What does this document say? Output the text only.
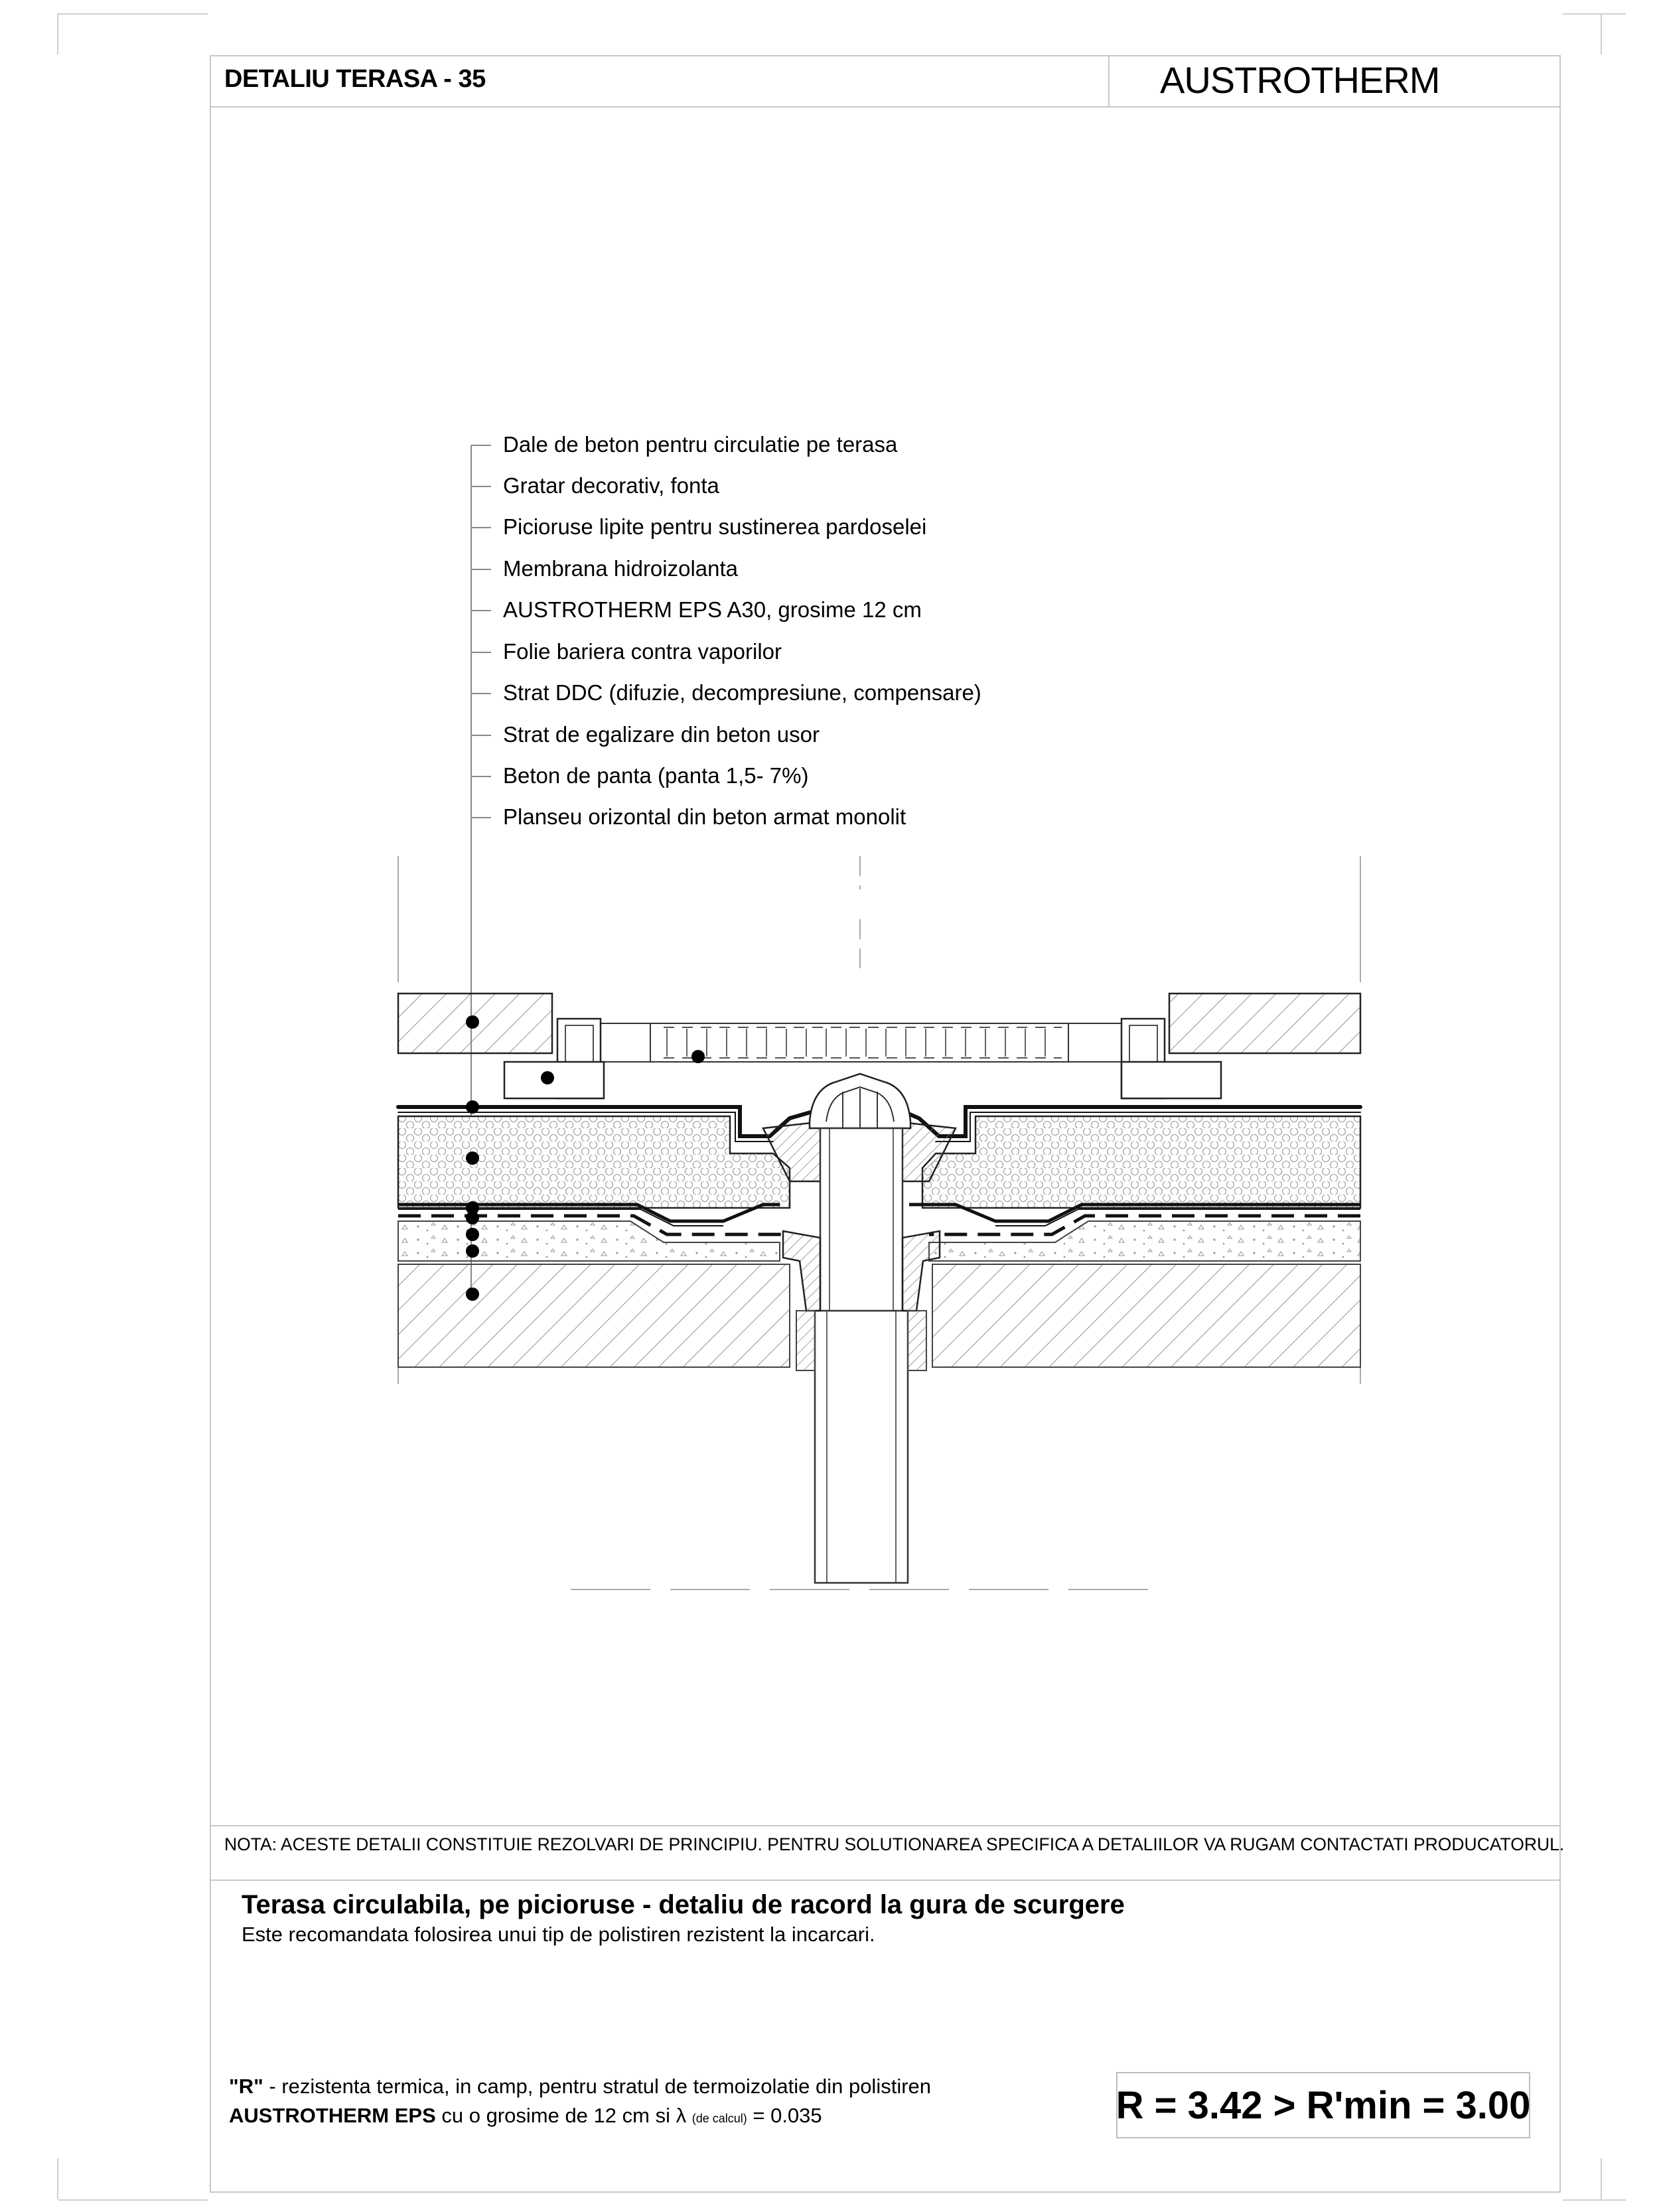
DETALIU TERASA - 35	AUSTROTHERM
Dale de beton pentru circulatie pe terasa
Gratar decorativ, fonta
Picioruse lipite pentru sustinerea pardoselei
Membrana hidroizolanta
AUSTROTHERM EPS A30, grosime 12 cm
Folie bariera contra vaporilor
Strat DDC (difuzie, decompresiune, compensare)
Strat de egalizare din beton usor
Beton de panta (panta 1,5- 7%)
Planseu orizontal din beton armat monolit
NOTA: ACESTE DETALII CONSTITUIE REZOLVARI DE PRINCIPIU. PENTRU SOLUTIONAREA SPECIFICA A DETALIILOR VA RUGAM CONTACTATI PRODUCATORUL.
Terasa circulabila, pe picioruse - detaliu de racord la gura de scurgere
Este recomandata folosirea unui tip de polistiren rezistent la incarcari.
"R" - rezistenta termica, in camp, pentru stratul de termoizolatie din polistiren
AUSTROTHERM EPS cu o grosime de 12 cm si λ (de calcul) = 0.035	R = 3.42 > R'min = 3.00
